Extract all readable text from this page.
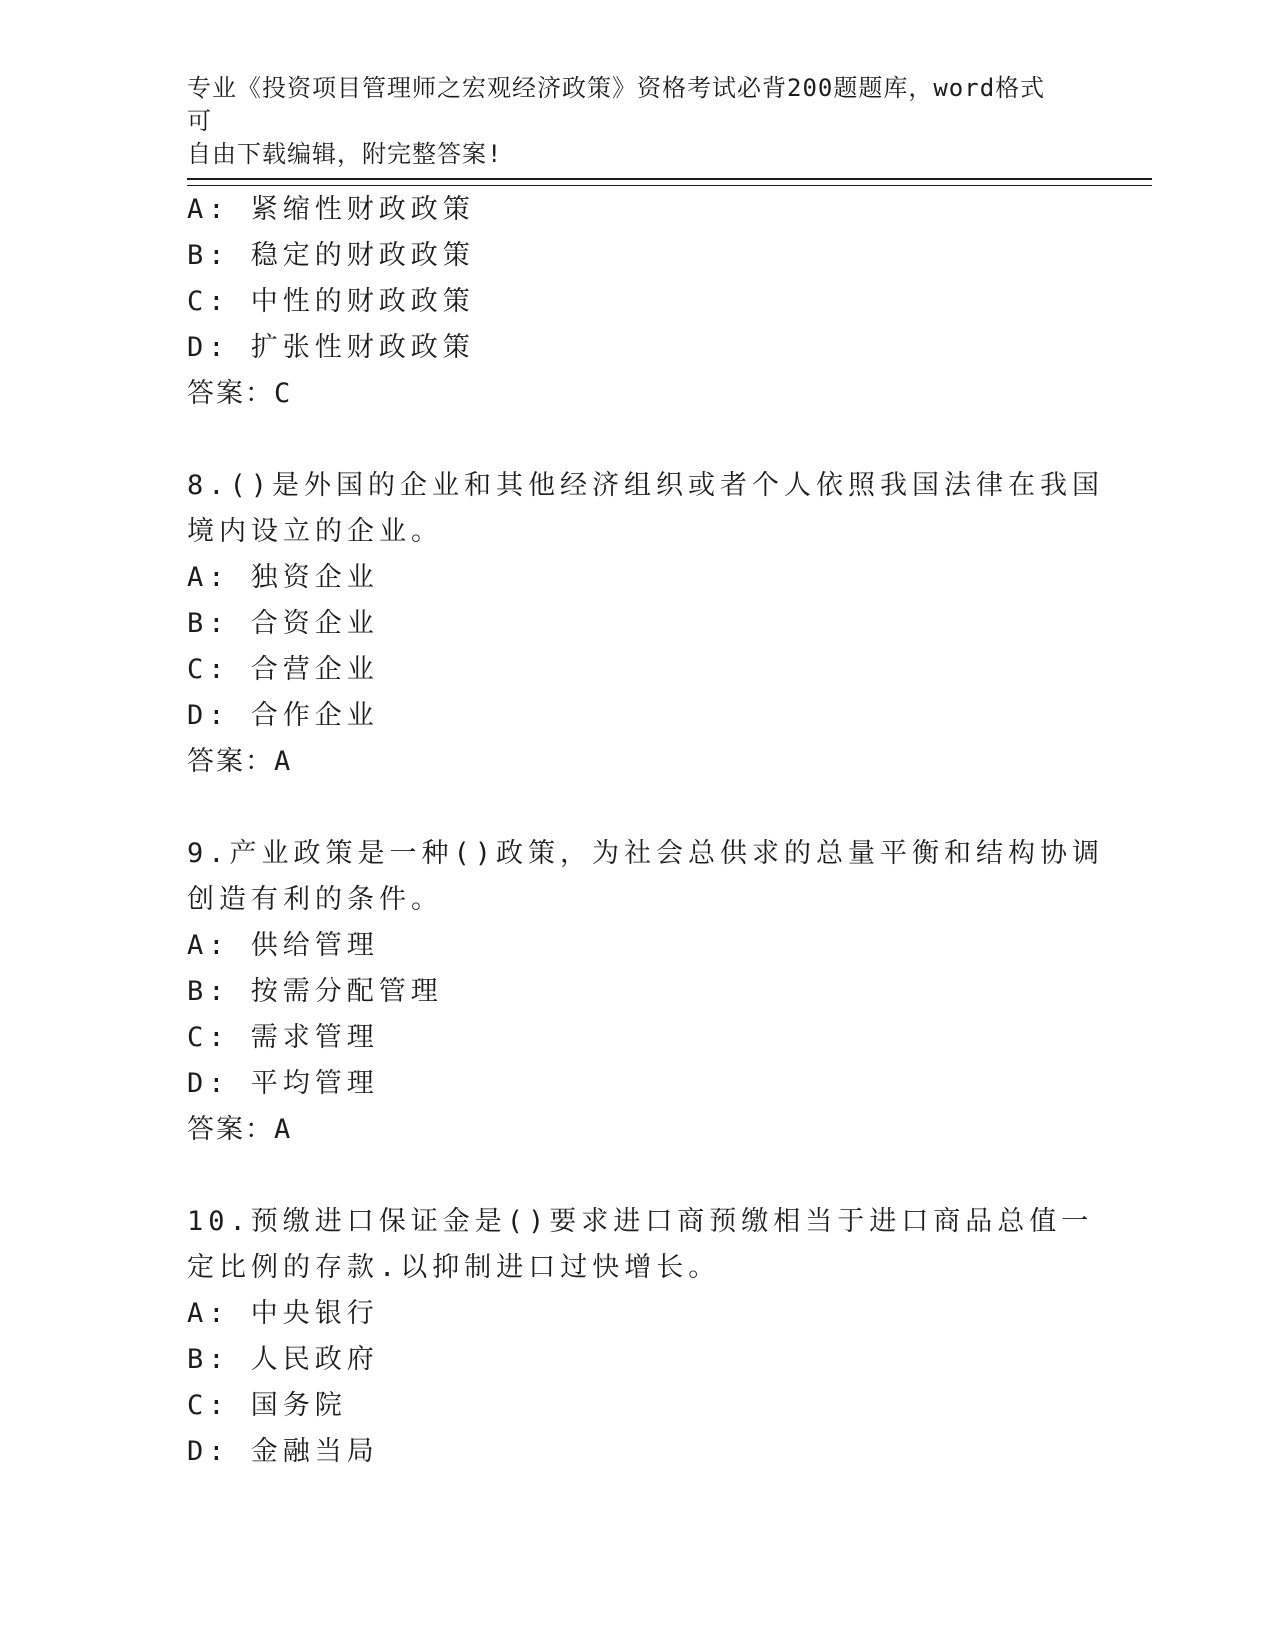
专业《投资项目管理师之宏观经济政策》资格考试必背200题题库，word格式可
自由下载编辑，附完整答案!
A: 紧缩性财政政策
B: 稳定的财政政策
C: 中性的财政政策
D: 扩张性财政政策
答案：C
8.()是外国的企业和其他经济组织或者个人依照我国法律在我国境内设立的企业。
A: 独资企业
B: 合资企业
C: 合营企业
D: 合作企业
答案：A
9.产业政策是一种()政策，为社会总供求的总量平衡和结构协调创造有利的条件。
A: 供给管理
B: 按需分配管理
C: 需求管理
D: 平均管理
答案：A
10.预缴进口保证金是()要求进口商预缴相当于进口商品总值一定比例的存款.以抑制进口过快增长。
A: 中央银行
B: 人民政府
C: 国务院
D: 金融当局
